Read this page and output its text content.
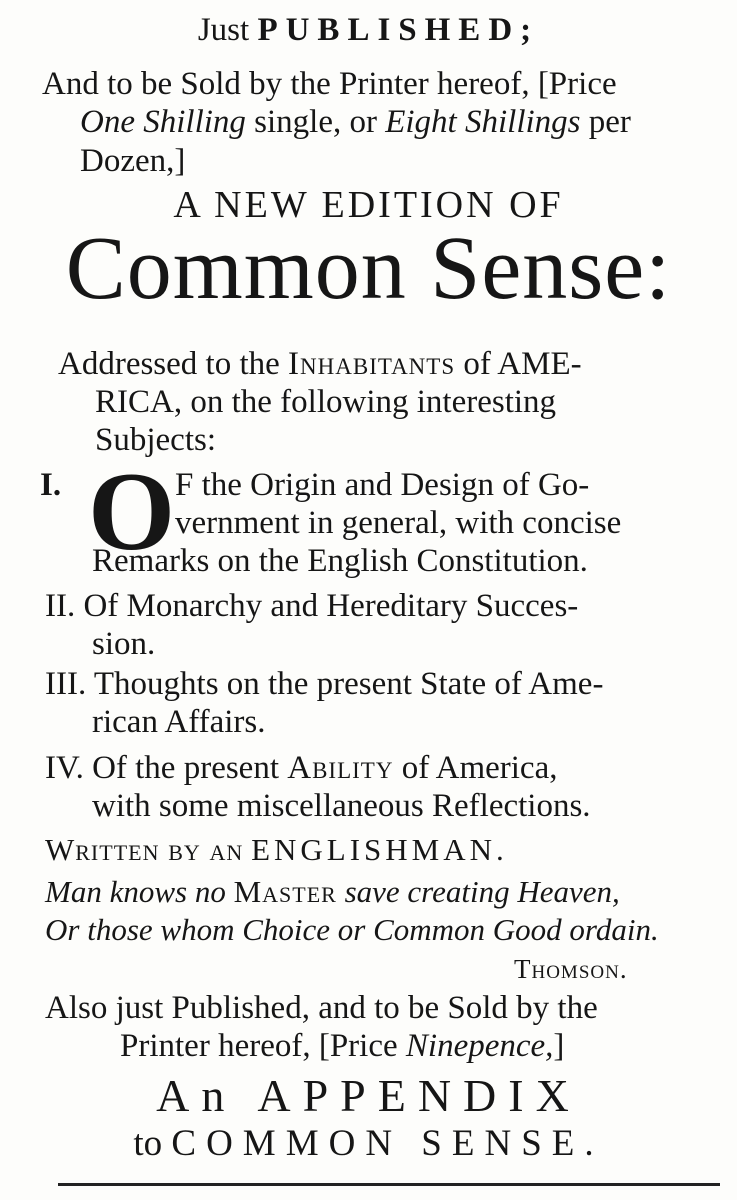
Just PUBLISHED;
And to be Sold by the Printer hereof, [Price
One Shilling single, or Eight Shillings per
Dozen,]
A NEW EDITION OF
Common Sense:
Addressed to the Inhabitants of AME-
RICA, on the following interesting
Subjects:
I. O F the Origin and Design of Go-
vernment in general, with concise
Remarks on the English Constitution.
II. Of Monarchy and Hereditary Succes-
sion.
III. Thoughts on the present State of Ame-
rican Affairs.
IV. Of the present Ability of America,
with some miscellaneous Reflections.
Written by an ENGLISHMAN.
Man knows no Master save creating Heaven,
Or those whom Choice or Common Good ordain.
Thomson.
Also just Published, and to be Sold by the
Printer hereof, [Price Ninepence,]
An APPENDIX
to COMMON SENSE.
